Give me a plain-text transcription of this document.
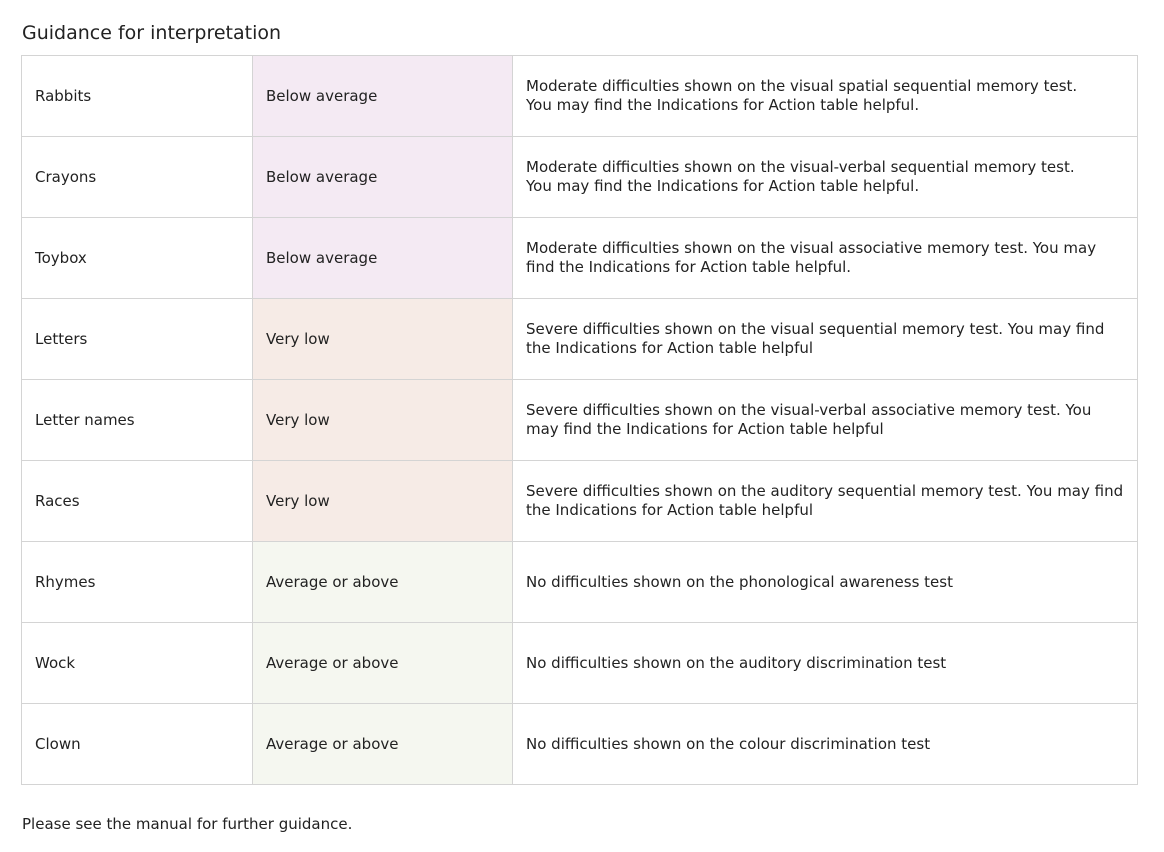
Guidance for interpretation
Rabbits	Below average	Moderate difficulties shown on the visual spatial sequential memory test.
You may find the Indications for Action table helpful.
Crayons	Below average	Moderate difficulties shown on the visual-verbal sequential memory test.
You may find the Indications for Action table helpful.
Toybox	Below average	Moderate difficulties shown on the visual associative memory test. You may find the Indications for Action table helpful.
Letters	Very low	Severe difficulties shown on the visual sequential memory test. You may find the Indications for Action table helpful
Letter names	Very low	Severe difficulties shown on the visual-verbal associative memory test. You may find the Indications for Action table helpful
Races	Very low	Severe difficulties shown on the auditory sequential memory test. You may find the Indications for Action table helpful
Rhymes	Average or above	No difficulties shown on the phonological awareness test
Wock	Average or above	No difficulties shown on the auditory discrimination test
Clown	Average or above	No difficulties shown on the colour discrimination test
Please see the manual for further guidance.
